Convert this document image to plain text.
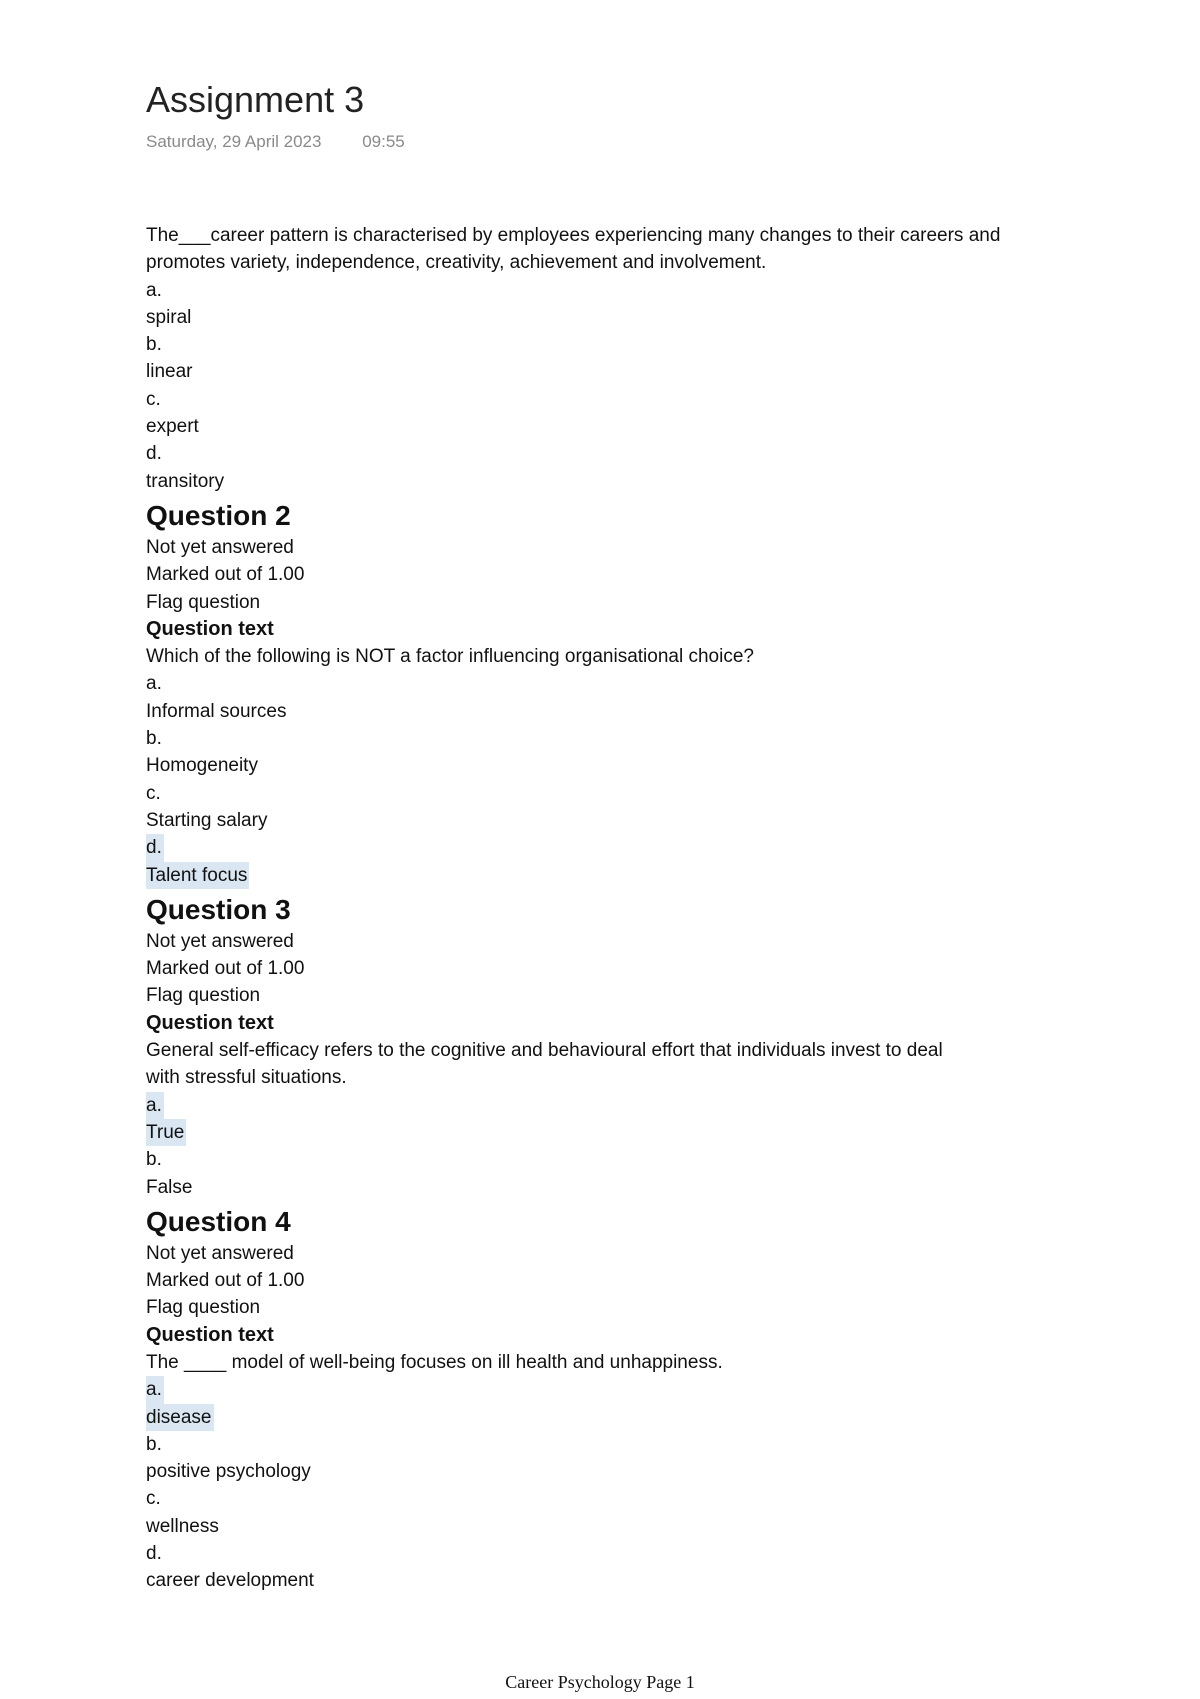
Assignment 3
Saturday, 29 April 2023 09:55
The___career pattern is characterised by employees experiencing many changes to their careers and
promotes variety, independence, creativity, achievement and involvement.
a.
spiral
b.
linear
c.
expert
d.
transitory
Question 2
Not yet answered
Marked out of 1.00
Flag question
Question text
Which of the following is NOT a factor influencing organisational choice?
a.
Informal sources
b.
Homogeneity
c.
Starting salary
d.
Talent focus
Question 3
Not yet answered
Marked out of 1.00
Flag question
Question text
General self-efficacy refers to the cognitive and behavioural effort that individuals invest to deal
with stressful situations.
a.
True
b.
False
Question 4
Not yet answered
Marked out of 1.00
Flag question
Question text
The ____ model of well-being focuses on ill health and unhappiness.
a.
disease
b.
positive psychology
c.
wellness
d.
career development
Career Psychology Page 1
